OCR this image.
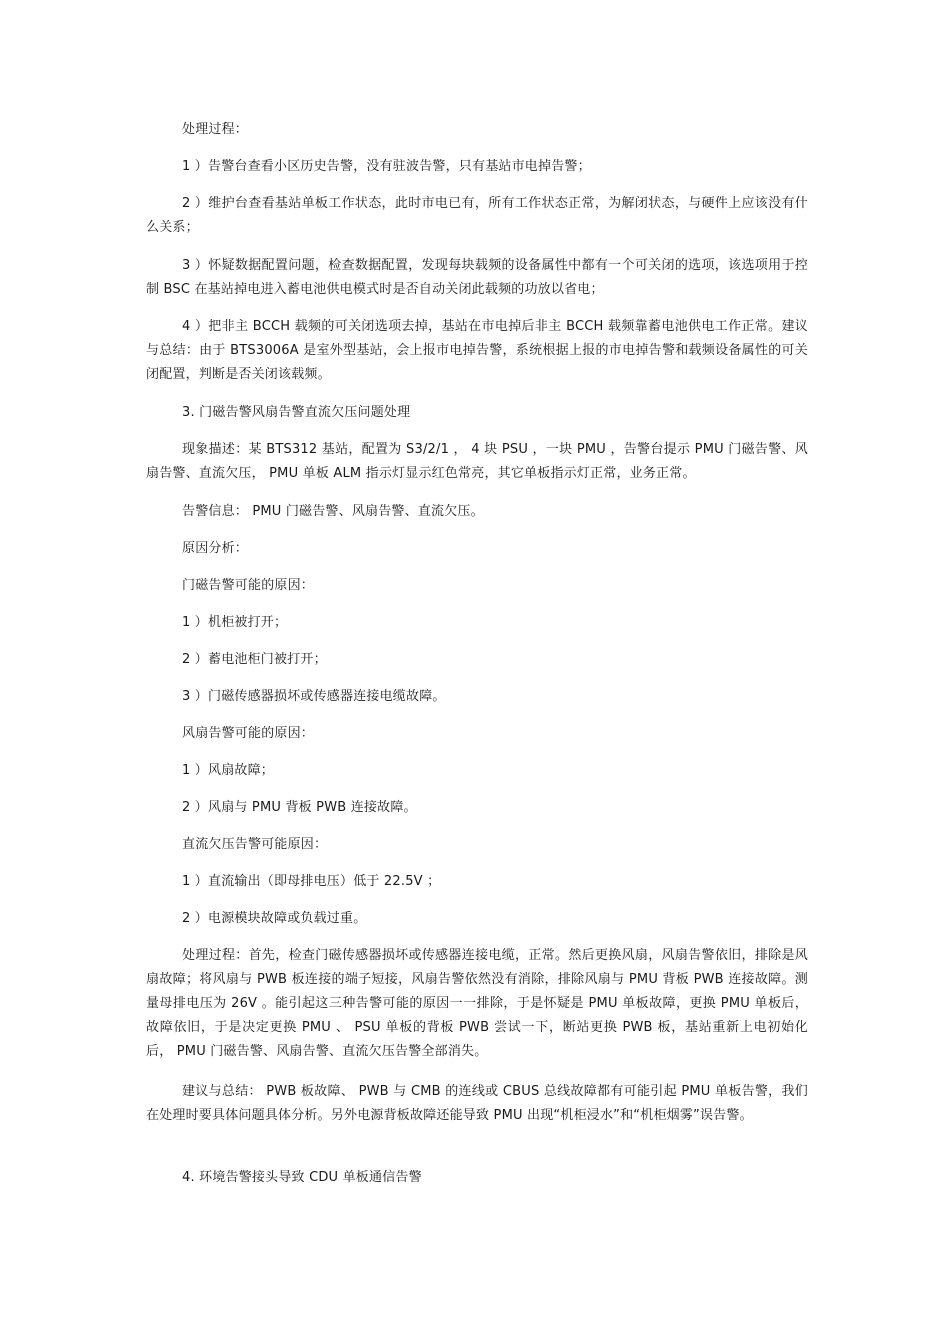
处理过程：

1 ）告警台查看小区历史告警，没有驻波告警，只有基站市电掉告警；

2 ）维护台查看基站单板工作状态，此时市电已有，所有工作状态正常，为解闭状态，与硬件上应该没有什么关系；

3 ）怀疑数据配置问题，检查数据配置，发现每块载频的设备属性中都有一个可关闭的选项，该选项用于控制 BSC 在基站掉电进入蓄电池供电模式时是否自动关闭此载频的功放以省电；

4 ）把非主 BCCH 载频的可关闭选项去掉，基站在市电掉后非主 BCCH 载频靠蓄电池供电工作正常。建议与总结：由于 BTS3006A 是室外型基站，会上报市电掉告警，系统根据上报的市电掉告警和载频设备属性的可关闭配置，判断是否关闭该载频。

3. 门磁告警风扇告警直流欠压问题处理

现象描述：某 BTS312 基站，配置为 S3/2/1 ， 4 块 PSU ，一块 PMU ，告警台提示 PMU 门磁告警、风扇告警、直流欠压， PMU 单板 ALM 指示灯显示红色常亮，其它单板指示灯正常，业务正常。

告警信息： PMU 门磁告警、风扇告警、直流欠压。

原因分析：

门磁告警可能的原因：

1 ）机柜被打开；

2 ）蓄电池柜门被打开；

3 ）门磁传感器损坏或传感器连接电缆故障。

风扇告警可能的原因：

1 ）风扇故障；

2 ）风扇与 PMU 背板 PWB 连接故障。

直流欠压告警可能原因：

1 ）直流输出（即母排电压）低于 22.5V ；

2 ）电源模块故障或负载过重。

处理过程：首先，检查门磁传感器损坏或传感器连接电缆，正常。然后更换风扇，风扇告警依旧，排除是风扇故障；将风扇与 PWB 板连接的端子短接，风扇告警依然没有消除，排除风扇与 PMU 背板 PWB 连接故障。测量母排电压为 26V 。能引起这三种告警可能的原因一一排除，于是怀疑是 PMU 单板故障，更换 PMU 单板后，故障依旧，于是决定更换 PMU 、 PSU 单板的背板 PWB 尝试一下，断站更换 PWB 板，基站重新上电初始化后， PMU 门磁告警、风扇告警、直流欠压告警全部消失。

建议与总结： PWB 板故障、 PWB 与 CMB 的连线或 CBUS 总线故障都有可能引起 PMU 单板告警，我们在处理时要具体问题具体分析。另外电源背板故障还能导致 PMU 出现“机柜浸水”和“机柜烟雾”误告警。

4. 环境告警接头导致 CDU 单板通信告警
